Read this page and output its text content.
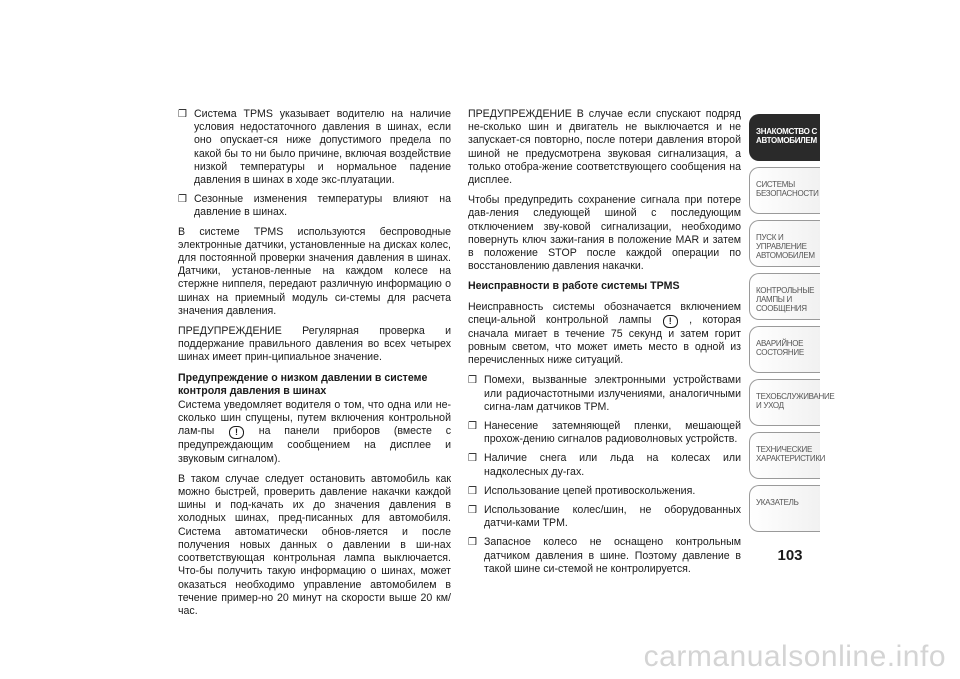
❒ Система TPMS указывает водителю на наличие условия недостаточного давления в шинах, если оно опускает-ся ниже допустимого предела по какой бы то ни было причине, включая воздействие низкой температуры и нормальное падение давления в шинах в ходе экс-плуатации.
❒ Сезонные изменения температуры влияют на давление в шинах.

В системе TPMS используются беспроводные электронные датчики, установленные на дисках колес, для постоянной проверки значения давления в шинах. Датчики, установ-ленные на каждом колесе на стержне ниппеля, передают различную информацию о шинах на приемный модуль си-стемы для расчета значения давления.

ПРЕДУПРЕЖДЕНИЕ Регулярная проверка и поддержание правильного давления во всех четырех шинах имеет прин-ципиальное значение.

Предупреждение о низком давлении в системе контроля давления в шинах

Система уведомляет водителя о том, что одна или не-сколько шин спущены, путем включения контрольной лам-пы ! на панели приборов (вместе с предупреждающим сообщением на дисплее и звуковым сигналом).

В таком случае следует остановить автомобиль как можно быстрей, проверить давление накачки каждой шины и под-качать их до значения давления в холодных шинах, пред-писанных для автомобиля. Система автоматически обнов-ляется и после получения новых данных о давлении в ши-нах соответствующая контрольная лампа выключается. Что-бы получить такую информацию о шинах, может оказаться необходимо управление автомобилем в течение пример-но 20 минут на скорости выше 20 км/час.

ПРЕДУПРЕЖДЕНИЕ В случае если спускают подряд не-сколько шин и двигатель не выключается и не запускает-ся повторно, после потери давления второй шиной не предусмотрена звуковая сигнализация, а только отобра-жение соответствующего сообщения на дисплее.

Чтобы предупредить сохранение сигнала при потере дав-ления следующей шиной с последующим отключением зву-ковой сигнализации, необходимо повернуть ключ зажи-гания в положение MAR и затем в положение STOP после каждой операции по восстановлению давления накачки.

Неисправности в работе системы TPMS

Неисправность системы обозначается включением специ-альной контрольной лампы ! , которая сначала мигает в течение 75 секунд и затем горит ровным светом, что может иметь место в одной из перечисленных ниже ситуаций.

❒ Помехи, вызванные электронными устройствами или радиочастотными излучениями, аналогичными сигна-лам датчиков TPM.
❒ Нанесение затемняющей пленки, мешающей прохож-дению сигналов радиоволновых устройств.
❒ Наличие снега или льда на колесах или надколесных ду-гах.
❒ Использование цепей противоскольжения.
❒ Использование колес/шин, не оборудованных датчи-ками TPM.
❒ Запасное колесо не оснащено контрольным датчиком давления в шине. Поэтому давление в такой шине си-стемой не контролируется.
ЗНАКОМСТВО С АВТОМОБИЛЕМ
СИСТЕМЫ БЕЗОПАСНОСТИ
ПУСК И УПРАВЛЕНИЕ АВТОМОБИЛЕМ
КОНТРОЛЬНЫЕ ЛАМПЫ И СООБЩЕНИЯ
АВАРИЙНОЕ СОСТОЯНИЕ
ТЕХОБСЛУЖИВАНИЕ И УХОД
ТЕХНИЧЕСКИЕ ХАРАКТЕРИСТИКИ
УКАЗАТЕЛЬ
103
carmanualsonline.info
